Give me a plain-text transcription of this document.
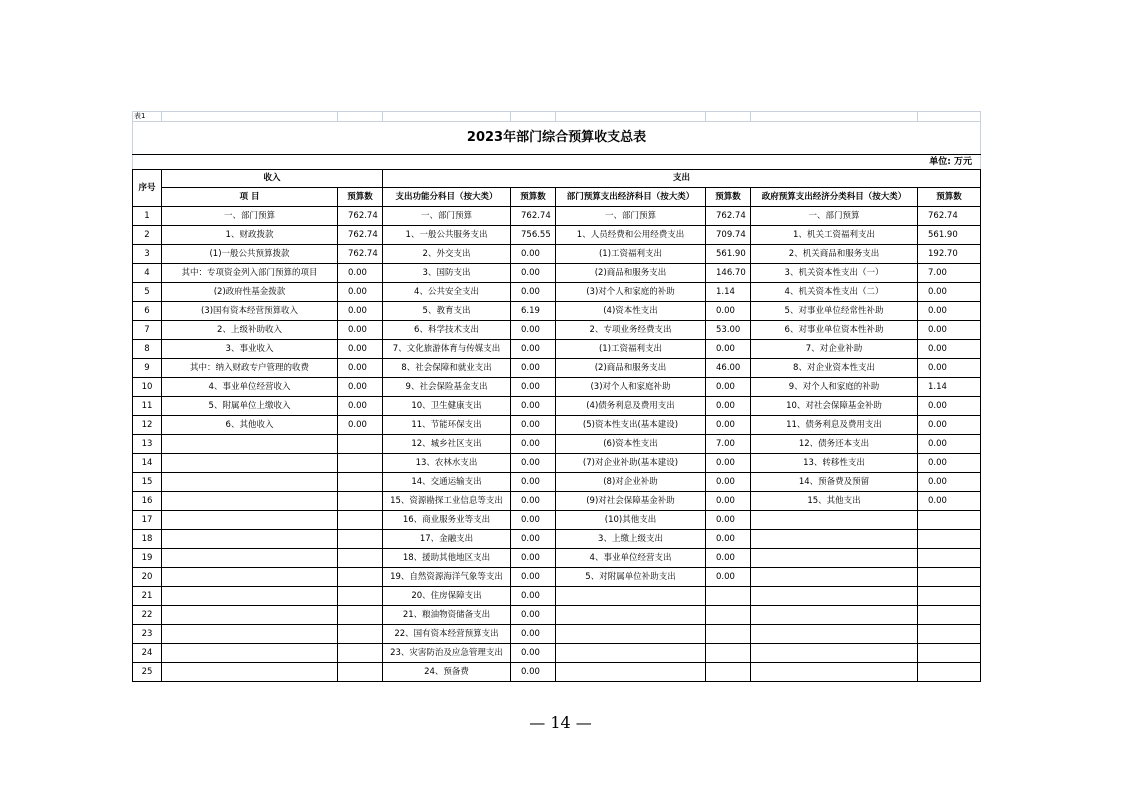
表1								
2023年部门综合预算收支总表								
单位: 万元								
序号	收入		支出					
	项 目	预算数	支出功能分科目（按大类）	预算数	部门预算支出经济科目（按大类）	预算数	政府预算支出经济分类科目（按大类）	预算数
1	一、部门预算	762.74	一、部门预算	762.74	一、部门预算	762.74	一、部门预算	762.74
2	1、财政拨款	762.74	1、一般公共服务支出	756.55	1、人员经费和公用经费支出	709.74	1、机关工资福利支出	561.90
3	(1)一般公共预算拨款	762.74	2、外交支出	0.00	(1)工资福利支出	561.90	2、机关商品和服务支出	192.70
4	其中：专项资金列入部门预算的项目	0.00	3、国防支出	0.00	(2)商品和服务支出	146.70	3、机关资本性支出（一）	7.00
5	(2)政府性基金拨款	0.00	4、公共安全支出	0.00	(3)对个人和家庭的补助	1.14	4、机关资本性支出（二）	0.00
6	(3)国有资本经营预算收入	0.00	5、教育支出	6.19	(4)资本性支出	0.00	5、对事业单位经常性补助	0.00
7	2、上级补助收入	0.00	6、科学技术支出	0.00	2、专项业务经费支出	53.00	6、对事业单位资本性补助	0.00
8	3、事业收入	0.00	7、文化旅游体育与传媒支出	0.00	(1)工资福利支出	0.00	7、对企业补助	0.00
9	其中：纳入财政专户管理的收费	0.00	8、社会保障和就业支出	0.00	(2)商品和服务支出	46.00	8、对企业资本性支出	0.00
10	4、事业单位经营收入	0.00	9、社会保险基金支出	0.00	(3)对个人和家庭补助	0.00	9、对个人和家庭的补助	1.14
11	5、附属单位上缴收入	0.00	10、卫生健康支出	0.00	(4)债务利息及费用支出	0.00	10、对社会保障基金补助	0.00
12	6、其他收入	0.00	11、节能环保支出	0.00	(5)资本性支出(基本建设)	0.00	11、债务利息及费用支出	0.00
13			12、城乡社区支出	0.00	(6)资本性支出	7.00	12、债务还本支出	0.00
14			13、农林水支出	0.00	(7)对企业补助(基本建设)	0.00	13、转移性支出	0.00
15			14、交通运输支出	0.00	(8)对企业补助	0.00	14、预备费及预留	0.00
16			15、资源勘探工业信息等支出	0.00	(9)对社会保障基金补助	0.00	15、其他支出	0.00
17			16、商业服务业等支出	0.00	(10)其他支出	0.00		
18			17、金融支出	0.00	3、上缴上级支出	0.00		
19			18、援助其他地区支出	0.00	4、事业单位经营支出	0.00		
20			19、自然资源海洋气象等支出	0.00	5、对附属单位补助支出	0.00		
21			20、住房保障支出	0.00				
22			21、粮油物资储备支出	0.00				
23			22、国有资本经营预算支出	0.00				
24			23、灾害防治及应急管理支出	0.00				
25			24、预备费	0.00				
— 14 —
